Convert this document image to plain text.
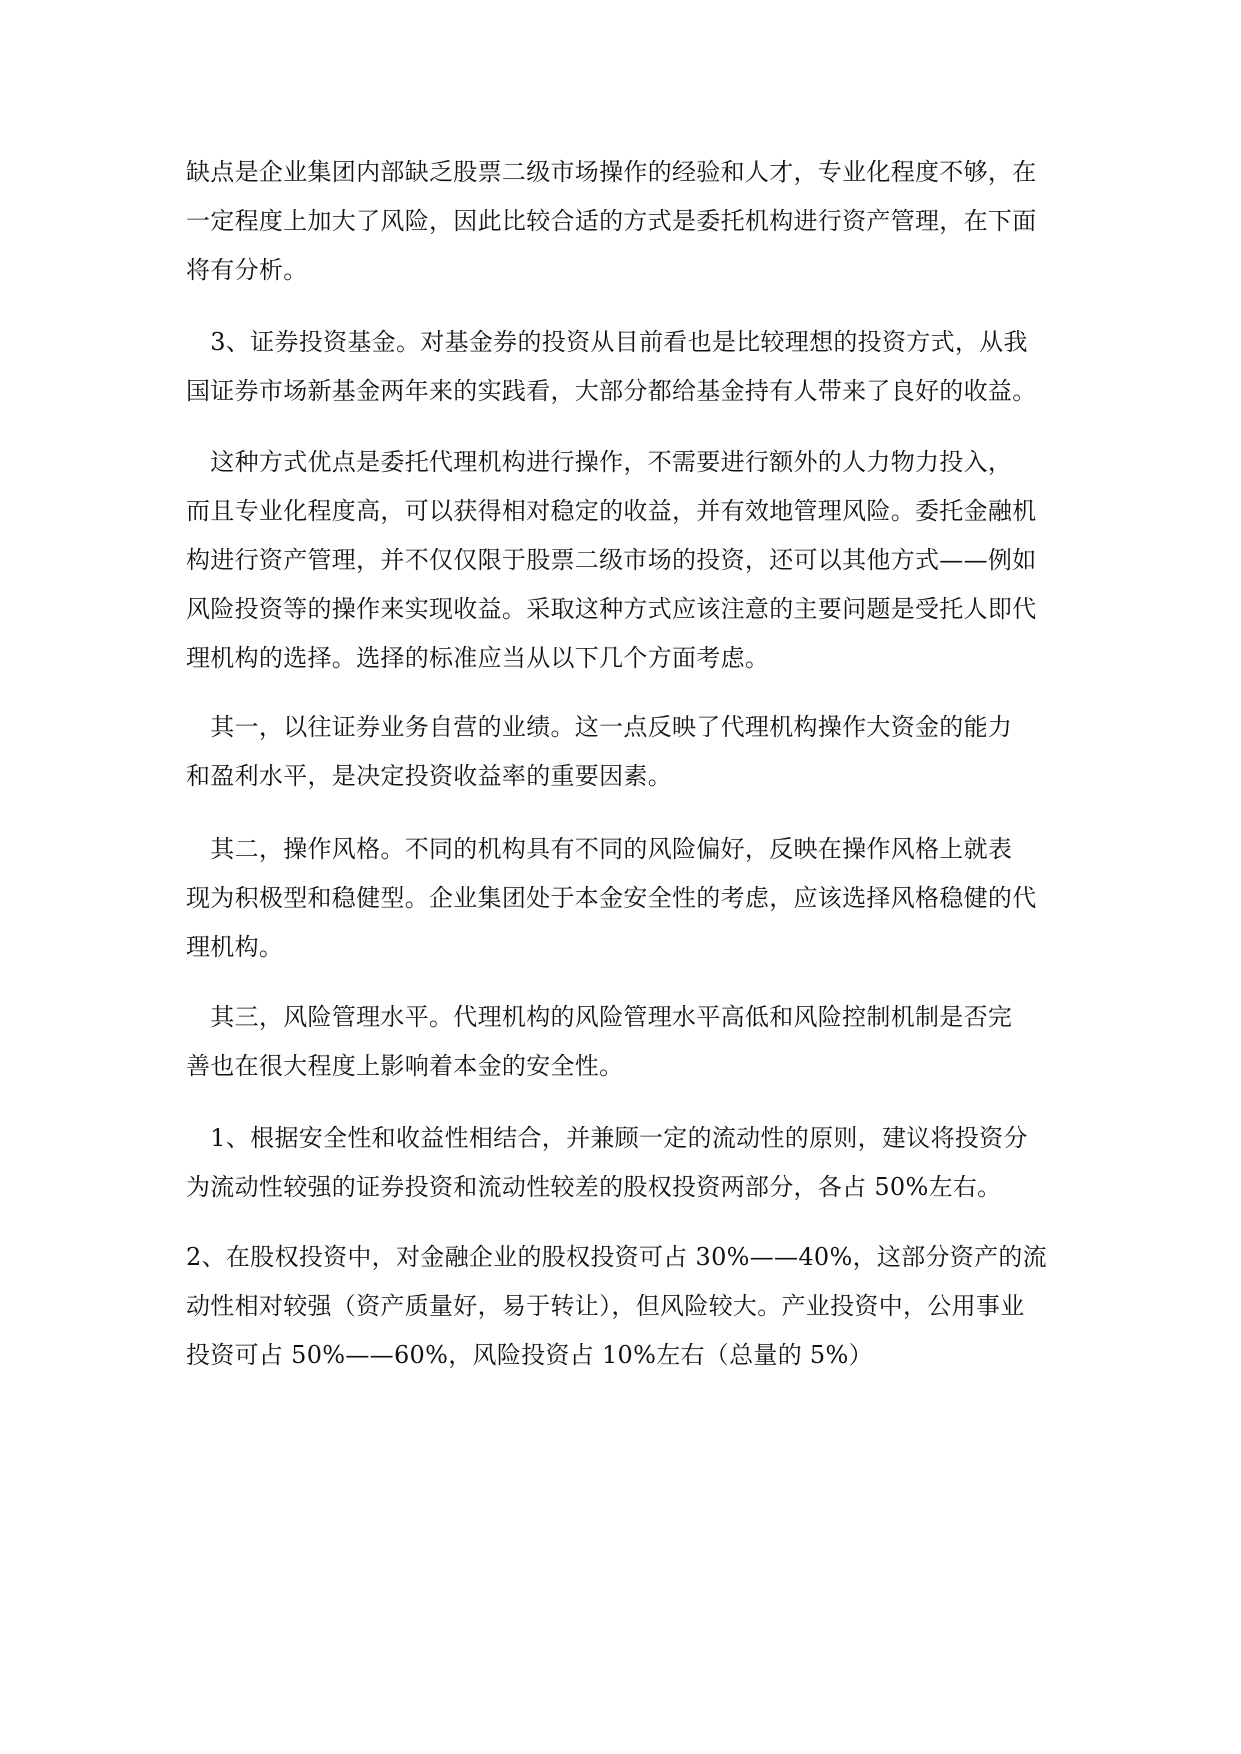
缺点是企业集团内部缺乏股票二级市场操作的经验和人才，专业化程度不够，在
一定程度上加大了风险，因此比较合适的方式是委托机构进行资产管理，在下面
将有分析。

　3、证券投资基金。对基金券的投资从目前看也是比较理想的投资方式，从我
国证券市场新基金两年来的实践看，大部分都给基金持有人带来了良好的收益。

　这种方式优点是委托代理机构进行操作，不需要进行额外的人力物力投入，
而且专业化程度高，可以获得相对稳定的收益，并有效地管理风险。委托金融机
构进行资产管理，并不仅仅限于股票二级市场的投资，还可以其他方式——例如
风险投资等的操作来实现收益。采取这种方式应该注意的主要问题是受托人即代
理机构的选择。选择的标准应当从以下几个方面考虑。

　其一，以往证券业务自营的业绩。这一点反映了代理机构操作大资金的能力
和盈利水平，是决定投资收益率的重要因素。

　其二，操作风格。不同的机构具有不同的风险偏好，反映在操作风格上就表
现为积极型和稳健型。企业集团处于本金安全性的考虑，应该选择风格稳健的代
理机构。

　其三，风险管理水平。代理机构的风险管理水平高低和风险控制机制是否完
善也在很大程度上影响着本金的安全性。

　1、根据安全性和收益性相结合，并兼顾一定的流动性的原则，建议将投资分
为流动性较强的证券投资和流动性较差的股权投资两部分，各占 50%左右。

2、在股权投资中，对金融企业的股权投资可占 30%——40%，这部分资产的流
动性相对较强（资产质量好，易于转让），但风险较大。产业投资中，公用事业
投资可占 50%——60%，风险投资占 10%左右（总量的 5%）
